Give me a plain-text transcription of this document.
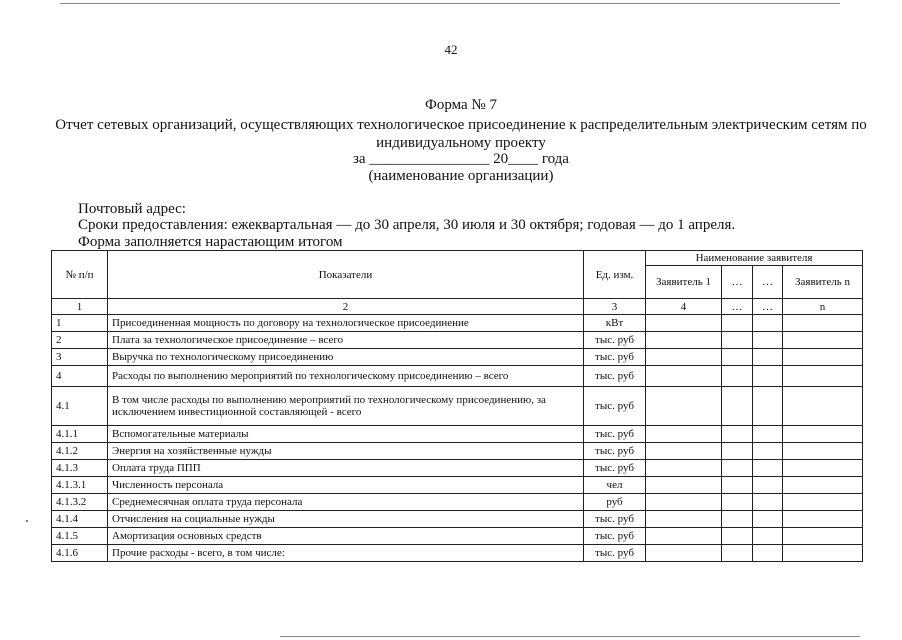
42
Форма № 7
Отчет сетевых организаций, осуществляющих технологическое присоединение к распределительным электрическим сетям по индивидуальному проекту
за ________________ 20____ года
(наименование организации)
Почтовый адрес:
Сроки предоставления: ежеквартальная — до 30 апреля, 30 июля и 30 октября; годовая — до 1 апреля.
Форма заполняется нарастающим итогом
№ п/п	Показатели	Ед. изм.	Наименование заявителя			
			Заявитель 1	…	…	Заявитель n
1	2	3	4	…	…	n
1	Присоединенная мощность по договору на технологическое присоединение	кВт				
2	Плата за технологическое присоединение – всего	тыс. руб				
3	Выручка по технологическому присоединению	тыс. руб				
4	Расходы по выполнению мероприятий по технологическому присоединению – всего	тыс. руб				
4.1	В том числе расходы по выполнению мероприятий по технологическому присоединению, за исключением инвестиционной составляющей - всего	тыс. руб				
4.1.1	Вспомогательные материалы	тыс. руб				
4.1.2	Энергия на хозяйственные нужды	тыс. руб				
4.1.3	Оплата труда ППП	тыс. руб				
4.1.3.1	Численность персонала	чел				
4.1.3.2	Среднемесячная оплата труда персонала	руб				
4.1.4	Отчисления на социальные нужды	тыс. руб				
4.1.5	Амортизация основных средств	тыс. руб				
4.1.6	Прочие расходы - всего, в том числе:	тыс. руб				
